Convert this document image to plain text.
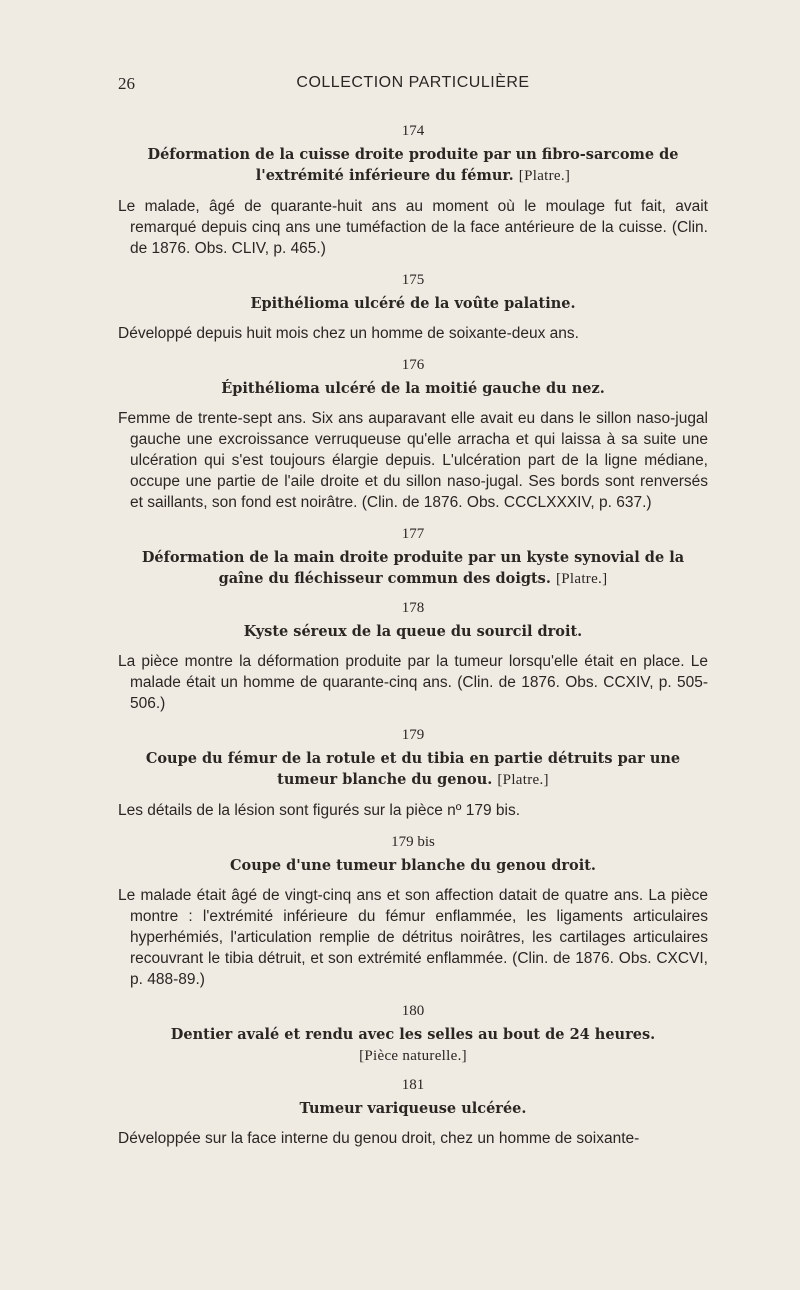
26	COLLECTION PARTICULIÈRE
174
Déformation de la cuisse droite produite par un fibro-sarcome de l'extrémité inférieure du fémur. [Platre.]

Le malade, âgé de quarante-huit ans au moment où le moulage fut fait, avait remarqué depuis cinq ans une tuméfaction de la face antérieure de la cuisse. (Clin. de 1876. Obs. CLIV, p. 465.)

175
Epithélioma ulcéré de la voûte palatine.

Développé depuis huit mois chez un homme de soixante-deux ans.

176
Épithélioma ulcéré de la moitié gauche du nez.

Femme de trente-sept ans. Six ans auparavant elle avait eu dans le sillon naso-jugal gauche une excroissance verruqueuse qu'elle arracha et qui laissa à sa suite une ulcération qui s'est toujours élargie depuis. L'ulcération part de la ligne médiane, occupe une partie de l'aile droite et du sillon naso-jugal. Ses bords sont renversés et saillants, son fond est noirâtre. (Clin. de 1876. Obs. CCCLXXXIV, p. 637.)

177
Déformation de la main droite produite par un kyste synovial de la gaîne du fléchisseur commun des doigts. [Platre.]
178
Kyste séreux de la queue du sourcil droit.

La pièce montre la déformation produite par la tumeur lorsqu'elle était en place. Le malade était un homme de quarante-cinq ans. (Clin. de 1876. Obs. CCXIV, p. 505-506.)

179
Coupe du fémur de la rotule et du tibia en partie détruits par une tumeur blanche du genou. [Platre.]

Les détails de la lésion sont figurés sur la pièce nº 179 bis.

179 bis
Coupe d'une tumeur blanche du genou droit.

Le malade était âgé de vingt-cinq ans et son affection datait de quatre ans. La pièce montre : l'extrémité inférieure du fémur enflammée, les ligaments articulaires hyperhémiés, l'articulation remplie de détritus noirâtres, les cartilages articulaires recouvrant le tibia détruit, et son extrémité enflammée. (Clin. de 1876. Obs. CXCVI, p. 488-89.)

180
Dentier avalé et rendu avec les selles au bout de 24 heures.
[Pièce naturelle.]
181
Tumeur variqueuse ulcérée.

Développée sur la face interne du genou droit, chez un homme de soixante-
